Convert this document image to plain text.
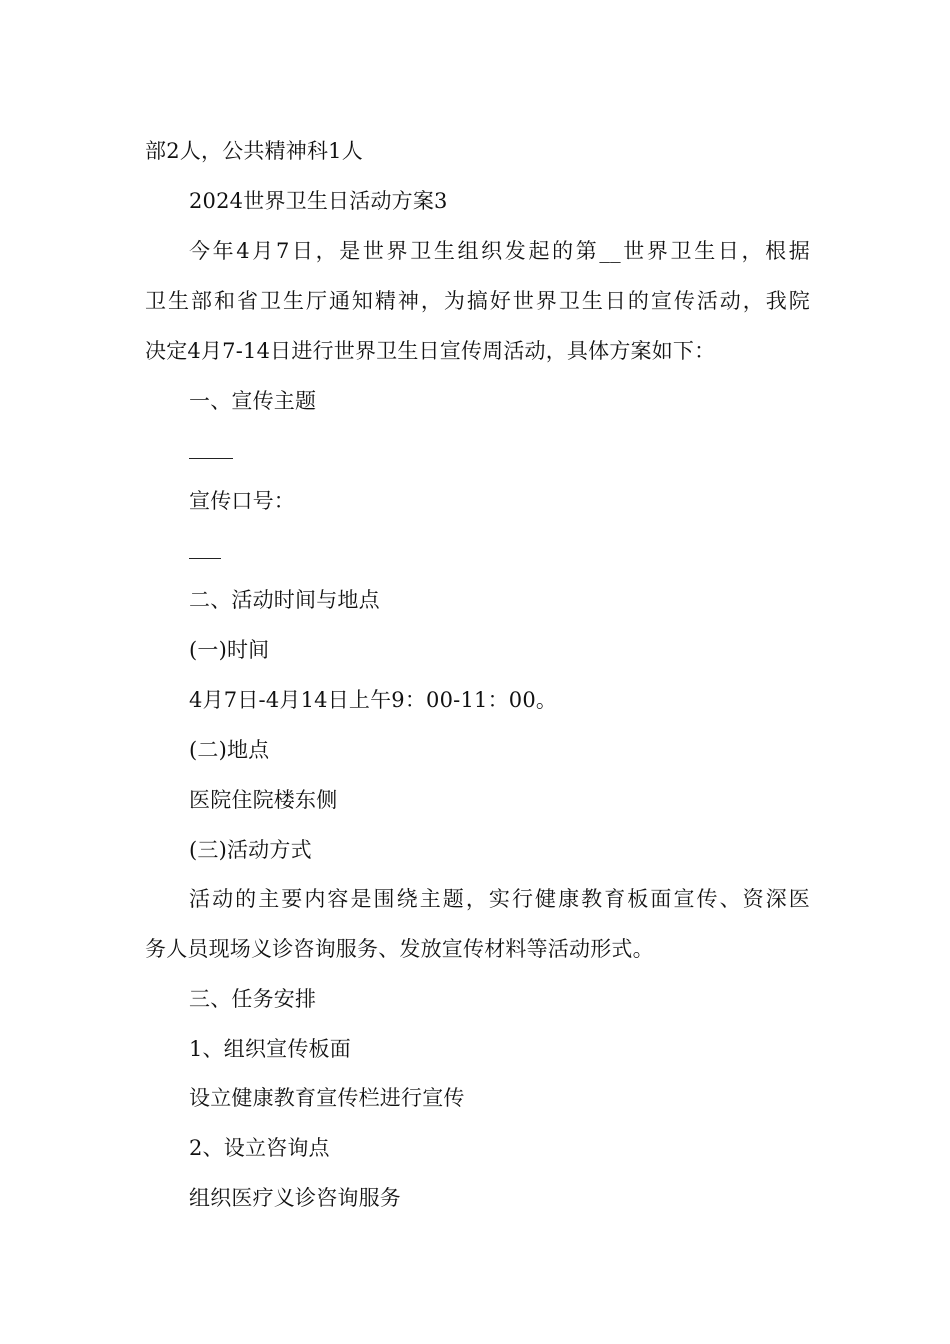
部2人，公共精神科1人
2024世界卫生日活动方案3
今年4月7日，是世界卫生组织发起的第__世界卫生日，根据
卫生部和省卫生厅通知精神，为搞好世界卫生日的宣传活动，我院
决定4月7-14日进行世界卫生日宣传周活动，具体方案如下：
一、宣传主题
宣传口号：
二、活动时间与地点
(一)时间
4月7日-4月14日上午9：00-11：00。
(二)地点
医院住院楼东侧
(三)活动方式
活动的主要内容是围绕主题，实行健康教育板面宣传、资深医
务人员现场义诊咨询服务、发放宣传材料等活动形式。
三、任务安排
1、组织宣传板面
设立健康教育宣传栏进行宣传
2、设立咨询点
组织医疗义诊咨询服务
